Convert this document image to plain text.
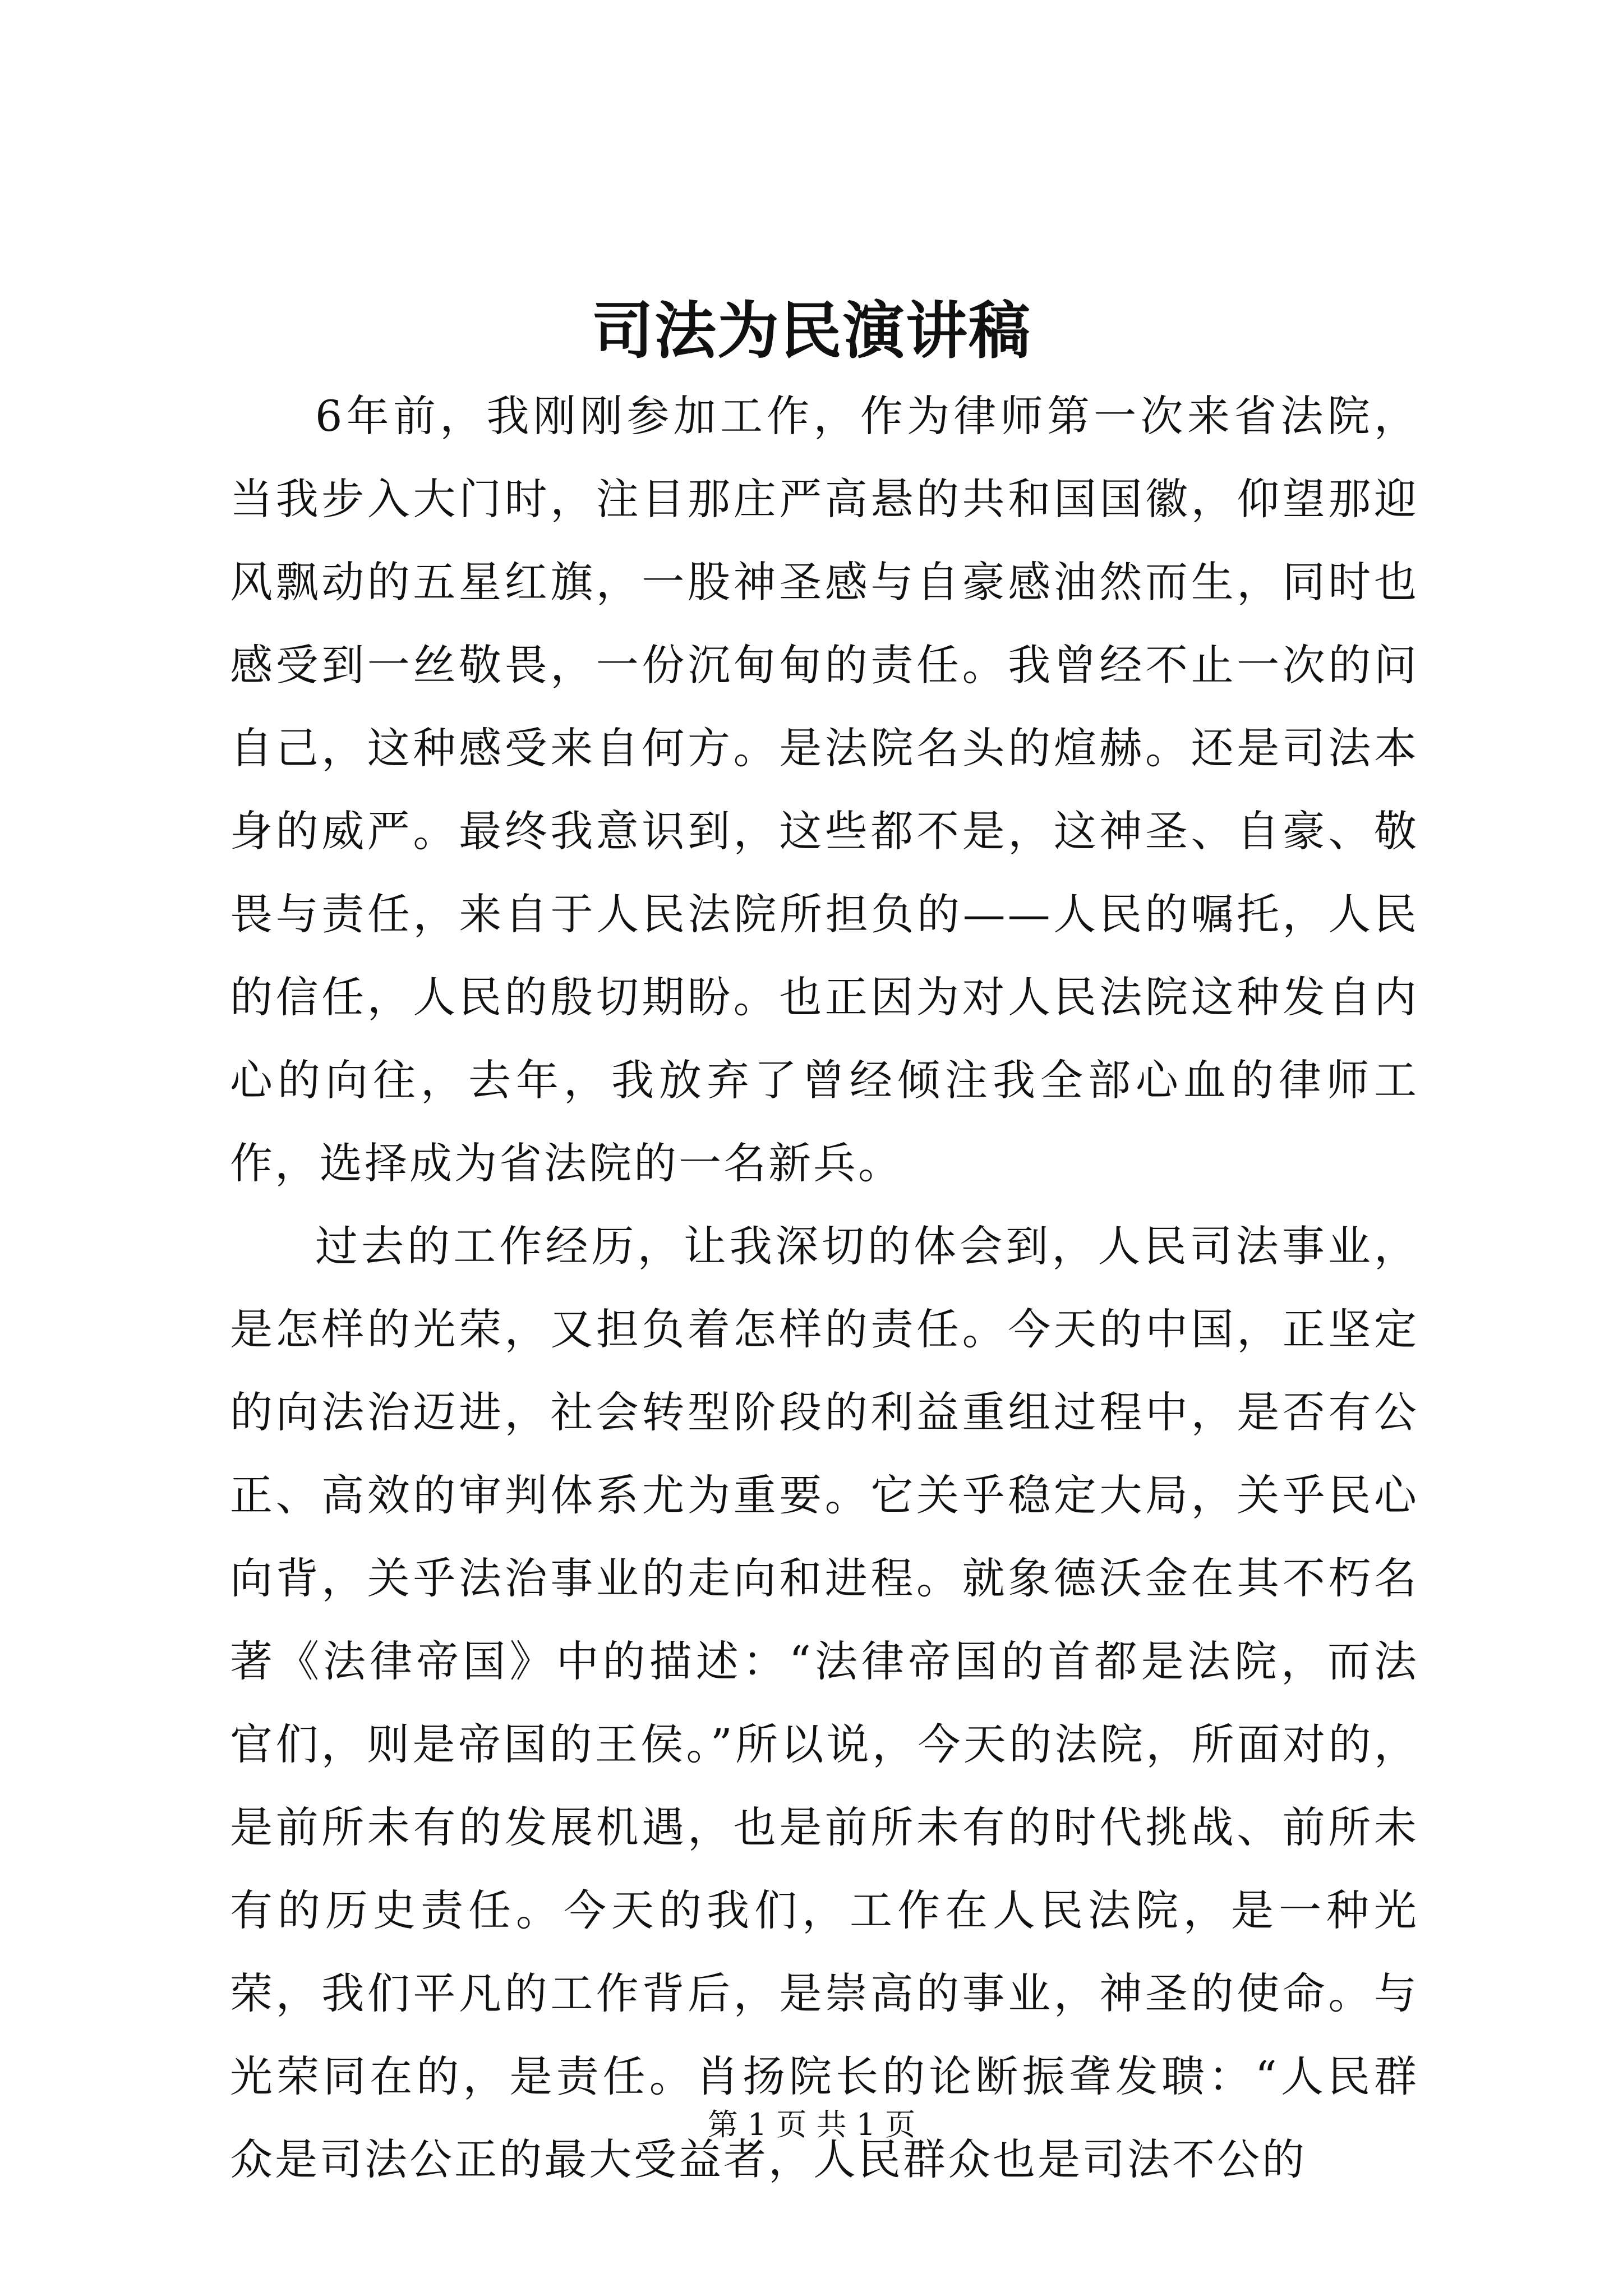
司法为民演讲稿

6年前，我刚刚参加工作，作为律师第一次来省法院，当我步入大门时，注目那庄严高悬的共和国国徽，仰望那迎风飘动的五星红旗，一股神圣感与自豪感油然而生，同时也感受到一丝敬畏，一份沉甸甸的责任。我曾经不止一次的问自己，这种感受来自何方。是法院名头的煊赫。还是司法本身的威严。最终我意识到，这些都不是，这神圣、自豪、敬畏与责任，来自于人民法院所担负的——人民的嘱托，人民的信任，人民的殷切期盼。也正因为对人民法院这种发自内心的向往，去年，我放弃了曾经倾注我全部心血的律师工作，选择成为省法院的一名新兵。

过去的工作经历，让我深切的体会到，人民司法事业，是怎样的光荣，又担负着怎样的责任。今天的中国，正坚定的向法治迈进，社会转型阶段的利益重组过程中，是否有公正、高效的审判体系尤为重要。它关乎稳定大局，关乎民心向背，关乎法治事业的走向和进程。就象德沃金在其不朽名著《法律帝国》中的描述：“法律帝国的首都是法院，而法官们，则是帝国的王侯。”所以说，今天的法院，所面对的，是前所未有的发展机遇，也是前所未有的时代挑战、前所未有的历史责任。今天的我们，工作在人民法院，是一种光荣，我们平凡的工作背后，是崇高的事业，神圣的使命。与光荣同在的，是责任。肖扬院长的论断振聋发聩：“人民群众是司法公正的最大受益者，人民群众也是司法不公的

第 1 页 共 1 页
